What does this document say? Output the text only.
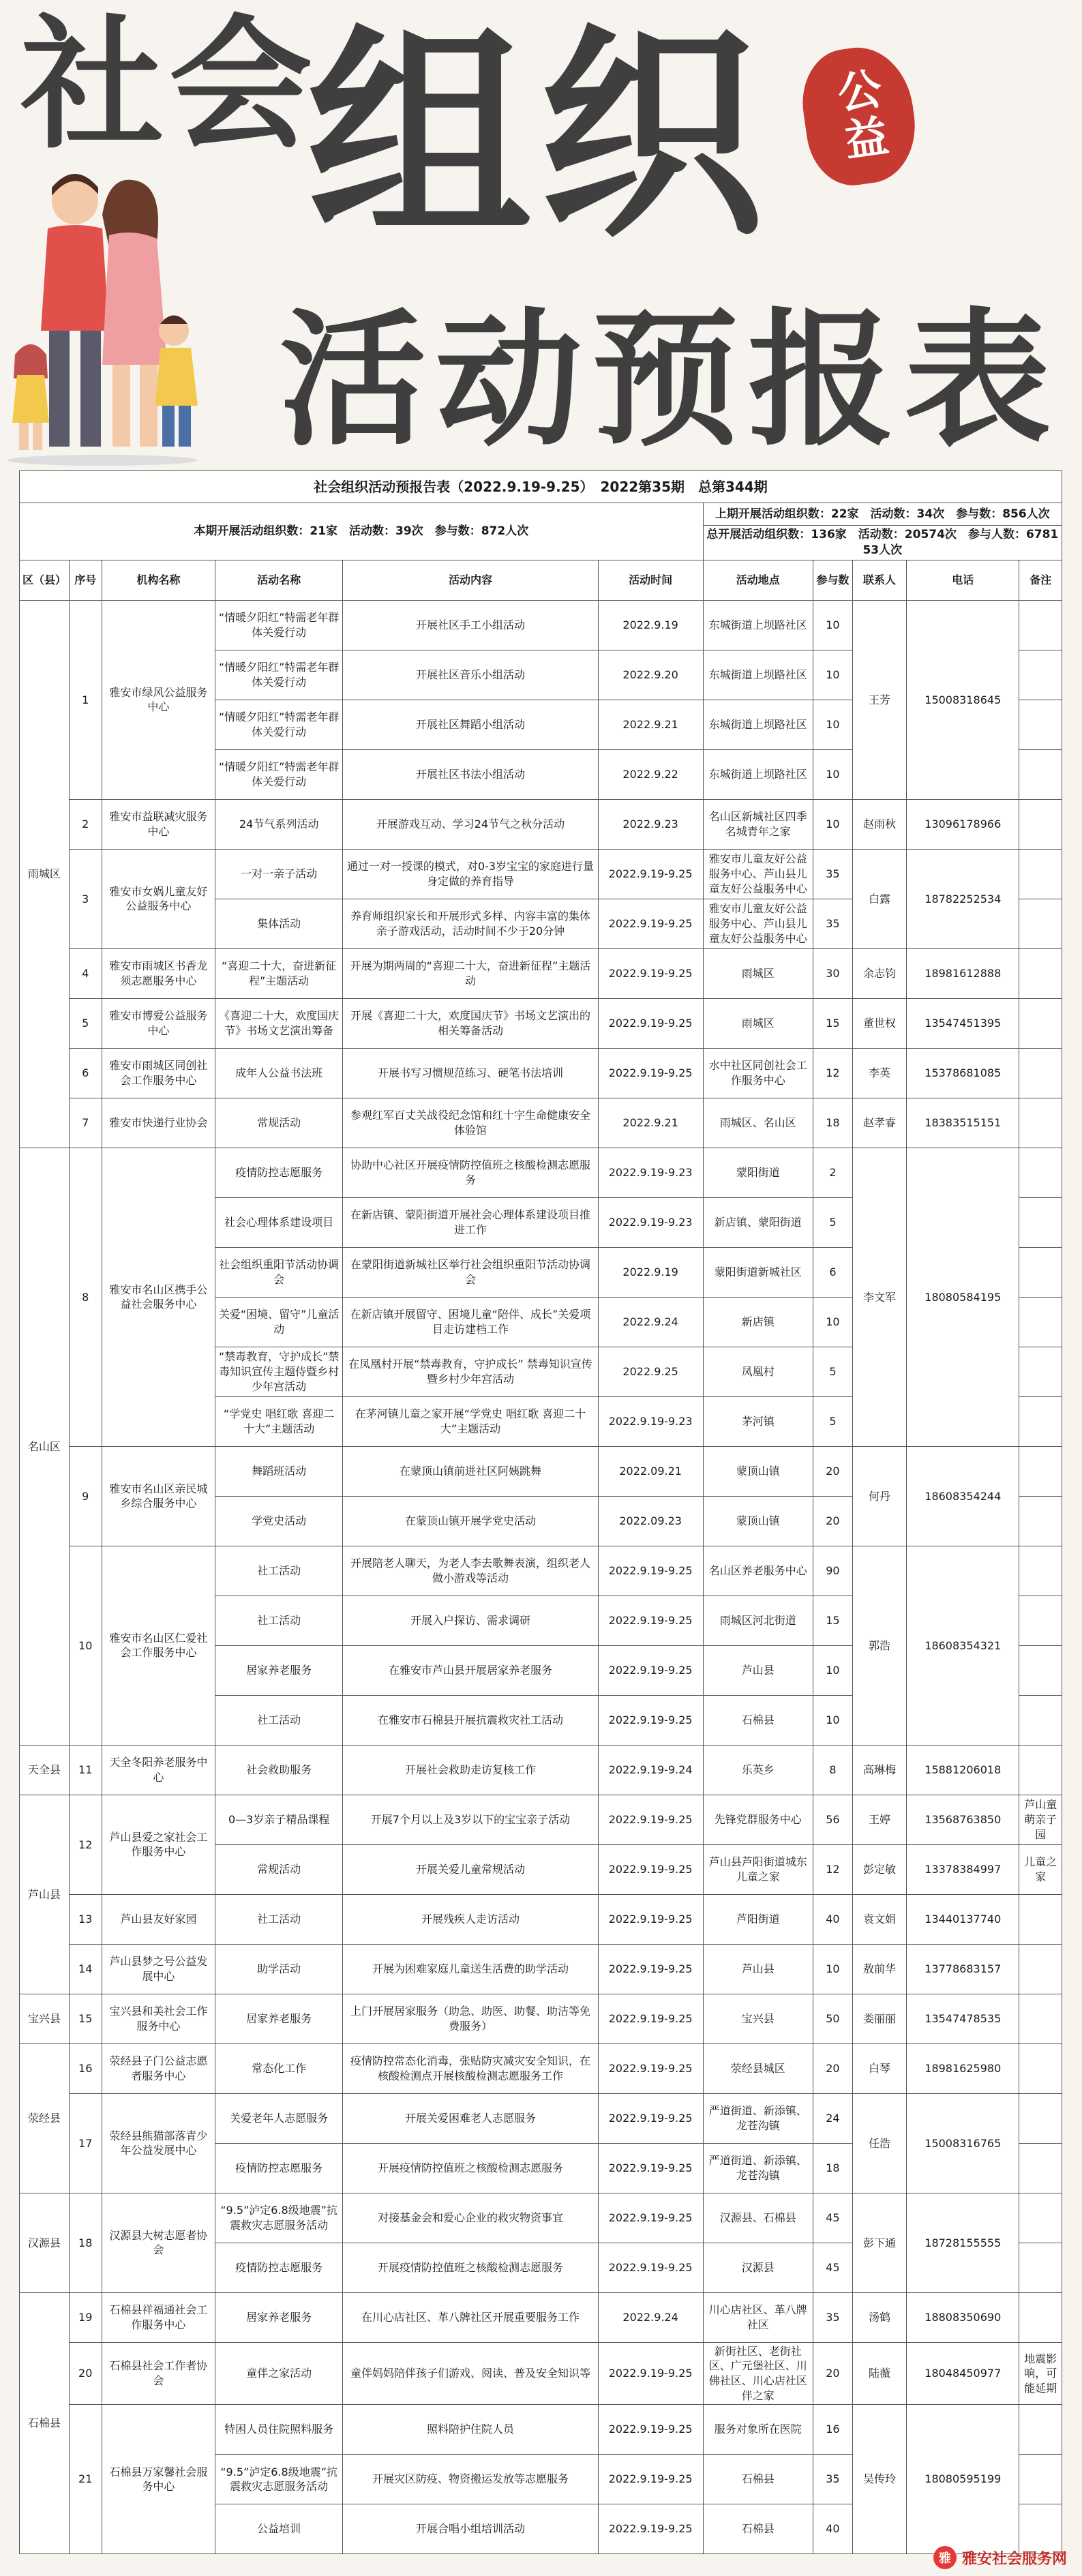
社会
组织
活动预报表
公益
社会组织活动预报告表（2022.9.19-9.25）　2022第35期　总第344期										
本期开展活动组织数：21家　活动数：39次　参与数：872人次						上期开展活动组织数：22家　活动数：34次　参与数：856人次				
						总开展活动组织数：136家　活动数：20574次　参与人数：678153人次				
区（县）	序号	机构名称	活动名称	活动内容	活动时间	活动地点	参与数	联系人	电话	备注
雨城区	1	雅安市绿风公益服务中心	“情暖夕阳红”特需老年群体关爱行动	开展社区手工小组活动	2022.9.19	东城街道上坝路社区	10	王芳	15008318645	
			“情暖夕阳红”特需老年群体关爱行动	开展社区音乐小组活动	2022.9.20	东城街道上坝路社区	10			
			“情暖夕阳红”特需老年群体关爱行动	开展社区舞蹈小组活动	2022.9.21	东城街道上坝路社区	10			
			“情暖夕阳红”特需老年群体关爱行动	开展社区书法小组活动	2022.9.22	东城街道上坝路社区	10			
	2	雅安市益联减灾服务中心	24节气系列活动	开展游戏互动、学习24节气之秋分活动	2022.9.23	名山区新城社区四季名城青年之家	10	赵雨秋	13096178966	
	3	雅安市女娲儿童友好公益服务中心	一对一亲子活动	通过一对一授课的模式，对0-3岁宝宝的家庭进行量身定做的养育指导	2022.9.19-9.25	雅安市儿童友好公益服务中心、芦山县儿童友好公益服务中心	35	白露	18782252534	
			集体活动	养育师组织家长和开展形式多样、内容丰富的集体亲子游戏活动，活动时间不少于20分钟	2022.9.19-9.25	雅安市儿童友好公益服务中心、芦山县儿童友好公益服务中心	35			
	4	雅安市雨城区书香龙须志愿服务中心	“喜迎二十大，奋进新征程”主题活动	开展为期两周的“喜迎二十大，奋进新征程”主题活动	2022.9.19-9.25	雨城区	30	余志钧	18981612888	
	5	雅安市博爱公益服务中心	《喜迎二十大，欢度国庆节》书场文艺演出筹备	开展《喜迎二十大，欢度国庆节》书场文艺演出的相关筹备活动	2022.9.19-9.25	雨城区	15	董世权	13547451395	
	6	雅安市雨城区同创社会工作服务中心	成年人公益书法班	开展书写习惯规范练习、硬笔书法培训	2022.9.19-9.25	水中社区同创社会工作服务中心	12	李英	15378681085	
	7	雅安市快递行业协会	常规活动	参观红军百丈关战役纪念馆和红十字生命健康安全体验馆	2022.9.21	雨城区、名山区	18	赵孝睿	18383515151	
名山区	8	雅安市名山区携手公益社会服务中心	疫情防控志愿服务	协助中心社区开展疫情防控值班之核酸检测志愿服务	2022.9.19-9.23	蒙阳街道	2	李文军	18080584195	
			社会心理体系建设项目	在新店镇、蒙阳街道开展社会心理体系建设项目推进工作	2022.9.19-9.23	新店镇、蒙阳街道	5			
			社会组织重阳节活动协调会	在蒙阳街道新城社区举行社会组织重阳节活动协调会	2022.9.19	蒙阳街道新城社区	6			
			关爱“困境、留守”儿童活动	在新店镇开展留守、困境儿童“陪伴、成长”关爱项目走访建档工作	2022.9.24	新店镇	10			
			“禁毒教育，守护成长”禁毒知识宣传主题侍暨乡村少年宫活动	在凤凰村开展“禁毒教育，守护成长” 禁毒知识宣传暨乡村少年宫活动	2022.9.25	凤凰村	5			
			“学党史 唱红歌 喜迎二十大”主题活动	在茅河镇儿童之家开展“学党史 唱红歌 喜迎二十大”主题活动	2022.9.19-9.23	茅河镇	5			
	9	雅安市名山区亲民城乡综合服务中心	舞蹈班活动	在蒙顶山镇前进社区阿姨跳舞	2022.09.21	蒙顶山镇	20	何丹	18608354244	
			学党史活动	在蒙顶山镇开展学党史活动	2022.09.23	蒙顶山镇	20			
	10	雅安市名山区仁爱社会工作服务中心	社工活动	开展陪老人聊天，为老人李去歌舞表演，组织老人做小游戏等活动	2022.9.19-9.25	名山区养老服务中心	90	郭浩	18608354321	
			社工活动	开展入户探访、需求调研	2022.9.19-9.25	雨城区河北街道	15			
			居家养老服务	在雅安市芦山县开展居家养老服务	2022.9.19-9.25	芦山县	10			
			社工活动	在雅安市石棉县开展抗震救灾社工活动	2022.9.19-9.25	石棉县	10			
天全县	11	天全冬阳养老服务中心	社会救助服务	开展社会救助走访复核工作	2022.9.19-9.24	乐英乡	8	高琳梅	15881206018	
芦山县	12	芦山县爱之家社会工作服务中心	0—3岁亲子精品课程	开展7个月以上及3岁以下的宝宝亲子活动	2022.9.19-9.25	先锋党群服务中心	56	王婷	13568763850	芦山童萌亲子园
			常规活动	开展关爱儿童常规活动	2022.9.19-9.25	芦山县芦阳街道城东儿童之家	12	彭定敏	13378384997	儿童之家
	13	芦山县友好家园	社工活动	开展残疾人走访活动	2022.9.19-9.25	芦阳街道	40	袁文娟	13440137740	
	14	芦山县梦之号公益发展中心	助学活动	开展为困难家庭儿童送生活费的助学活动	2022.9.19-9.25	芦山县	10	敖前华	13778683157	
宝兴县	15	宝兴县和美社会工作服务中心	居家养老服务	上门开展居家服务（助急、助医、助餐、助洁等免费服务）	2022.9.19-9.25	宝兴县	50	娄丽丽	13547478535	
荥经县	16	荥经县子门公益志愿者服务中心	常态化工作	疫情防控常态化消毒，张贴防灾减灾安全知识，在核酸检测点开展核酸检测志愿服务工作	2022.9.19-9.25	荥经县城区	20	白琴	18981625980	
	17	荥经县熊猫部落青少年公益发展中心	关爱老年人志愿服务	开展关爱困难老人志愿服务	2022.9.19-9.25	严道街道、新添镇、龙苍沟镇	24	任浩	15008316765	
			疫情防控志愿服务	开展疫情防控值班之核酸检测志愿服务	2022.9.19-9.25	严道街道、新添镇、龙苍沟镇	18			
汉源县	18	汉源县大树志愿者协会	“9.5”泸定6.8级地震”抗震救灾志愿服务活动	对接基金会和爱心企业的救灾物资事宜	2022.9.19-9.25	汉源县、石棉县	45	彭下通	18728155555	
			疫情防控志愿服务	开展疫情防控值班之核酸检测志愿服务	2022.9.19-9.25	汉源县	45			
石棉县	19	石棉县祥福通社会工作服务中心	居家养老服务	在川心店社区、革八牌社区开展重要服务工作	2022.9.24	川心店社区、革八牌社区	35	汤鹤	18808350690	
	20	石棉县社会工作者协会	童伴之家活动	童伴妈妈陪伴孩子们游戏、阅读、普及安全知识等	2022.9.19-9.25	新街社区、老街社区、广元堡社区、川佛社区、川心店社区伴之家	20	陆薇	18048450977	地震影响，可能延期
	21	石棉县万家馨社会服务中心	特困人员住院照料服务	照料陪护住院人员	2022.9.19-9.25	服务对象所在医院	16	吴传玲	18080595199	
			“9.5”泸定6.8级地震”抗震救灾志愿服务活动	开展灾区防疫、物资搬运发放等志愿服务	2022.9.19-9.25	石棉县	35			
			公益培训	开展合唱小组培训活动	2022.9.19-9.25	石棉县	40			
雅 雅安社会服务网
